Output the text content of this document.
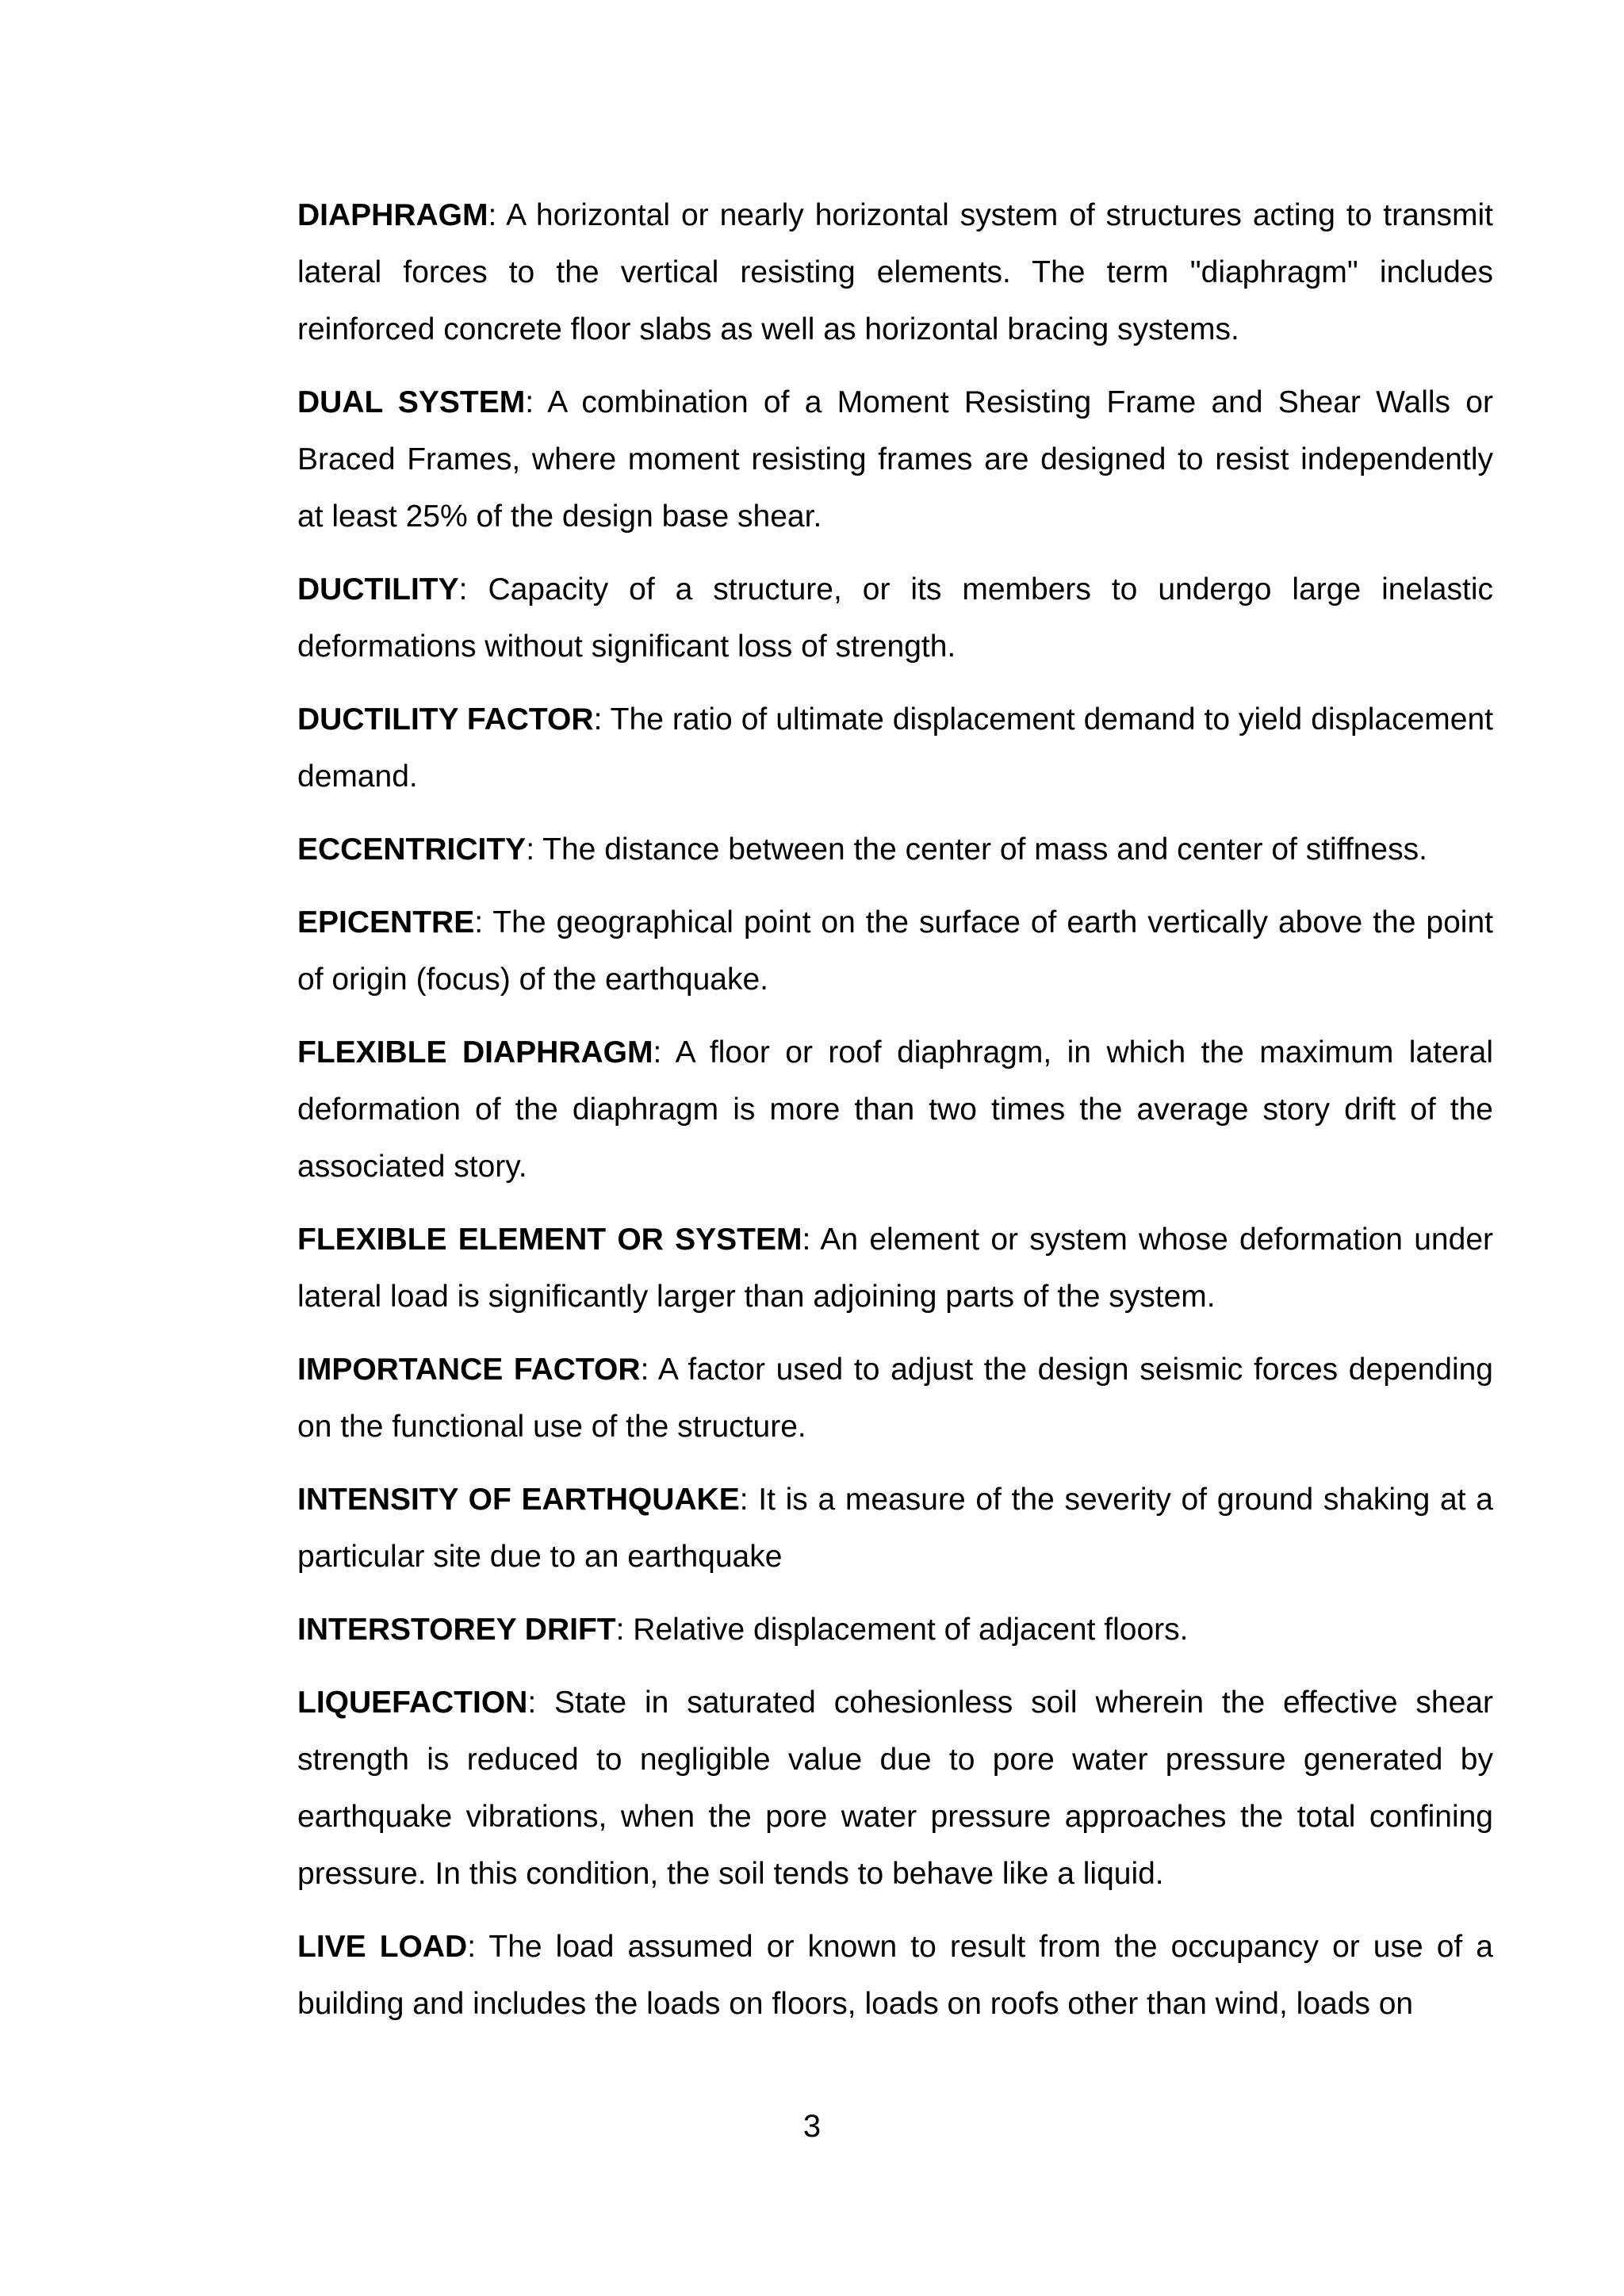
DIAPHRAGM: A horizontal or nearly horizontal system of structures acting to transmit lateral forces to the vertical resisting elements. The term "diaphragm" includes reinforced concrete floor slabs as well as horizontal bracing systems.

DUAL SYSTEM: A combination of a Moment Resisting Frame and Shear Walls or Braced Frames, where moment resisting frames are designed to resist independently at least 25% of the design base shear.

DUCTILITY: Capacity of a structure, or its members to undergo large inelastic deformations without significant loss of strength.

DUCTILITY FACTOR: The ratio of ultimate displacement demand to yield displacement demand.

ECCENTRICITY: The distance between the center of mass and center of stiffness.

EPICENTRE: The geographical point on the surface of earth vertically above the point of origin (focus) of the earthquake.

FLEXIBLE DIAPHRAGM: A floor or roof diaphragm, in which the maximum lateral deformation of the diaphragm is more than two times the average story drift of the associated story.

FLEXIBLE ELEMENT OR SYSTEM: An element or system whose deformation under lateral load is significantly larger than adjoining parts of the system.

IMPORTANCE FACTOR: A factor used to adjust the design seismic forces depending on the functional use of the structure.

INTENSITY OF EARTHQUAKE: It is a measure of the severity of ground shaking at a particular site due to an earthquake

INTERSTOREY DRIFT: Relative displacement of adjacent floors.

LIQUEFACTION: State in saturated cohesionless soil wherein the effective shear strength is reduced to negligible value due to pore water pressure generated by earthquake vibrations, when the pore water pressure approaches the total confining pressure. In this condition, the soil tends to behave like a liquid.

LIVE LOAD: The load assumed or known to result from the occupancy or use of a building and includes the loads on floors, loads on roofs other than wind, loads on

3
